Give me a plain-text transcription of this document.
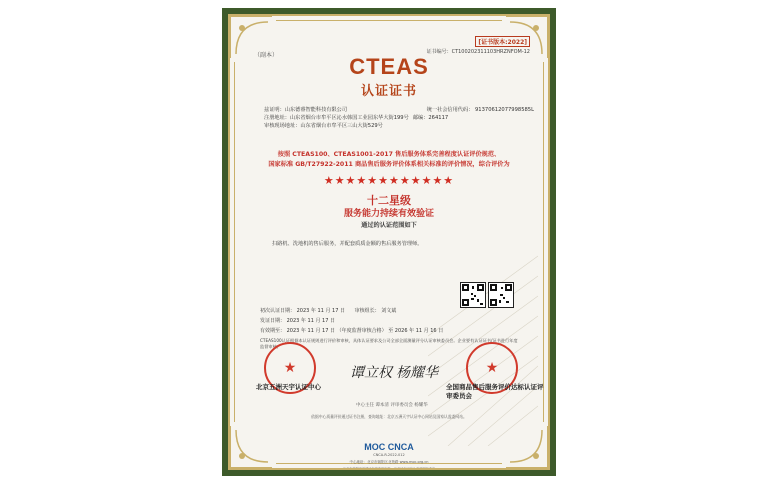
（副本）
[证书版本:2022]
证书编号：CT100202311103HRZNFOM-12
CTEAS
认证证书
兹证明： 山东德睿智能科技有限公司	统一社会信用代码： 91370612077998585L
注册地址： 山东省烟台市牟平区沁水韩国工业园东华大街199号 邮编： 264117
审核现场地址： 山东省烟台市牟平区三山大街529号
按照 CTEAS100、CTEAS1001-2017 售后服务体系完善程度认证评价规范、
国家标准 GB/T27922-2011 商品售后服务评价体系相关标准的评价情况，综合评价为
★★★★★★★★★★★★
十二星级
服务能力持续有效验证
通过的认证范围如下
扫路机、洗地机的售后服务，并配套质质金额的售后服务管理师。
初次认证日期： 2023 年 11 月 17 日 审核组长： 刘文斌
发证日期： 2023 年 11 月 17 日
有效期至： 2023 年 11 月 17 日 （年度监督审核合格） 至 2026 年 11 月 16 日
CTEAS100认证根据本认证规则进行评价和审核，具体认证要求及公司全部全面测量评分认证审核委员会。企业要有认证证书/证书进行年度监督审核。
★	★
谭立权 杨耀华
北京五洲天宇认证中心	全国商品售后服务评价达标认证评审委员会
中心主任 谭本清 评审委员会 杨耀华
依据中心质量评价通过证书注册，查询地址：北京五洲天宇认证中心网站及国家认监委网站。
MOC CNCA
CNCA-R-2022-012
中心地址：北京市朝阳区北苑路 www.moc.org.cn
证书有效期内须通过年度监督审核，证书状态可在认监委网站查询
